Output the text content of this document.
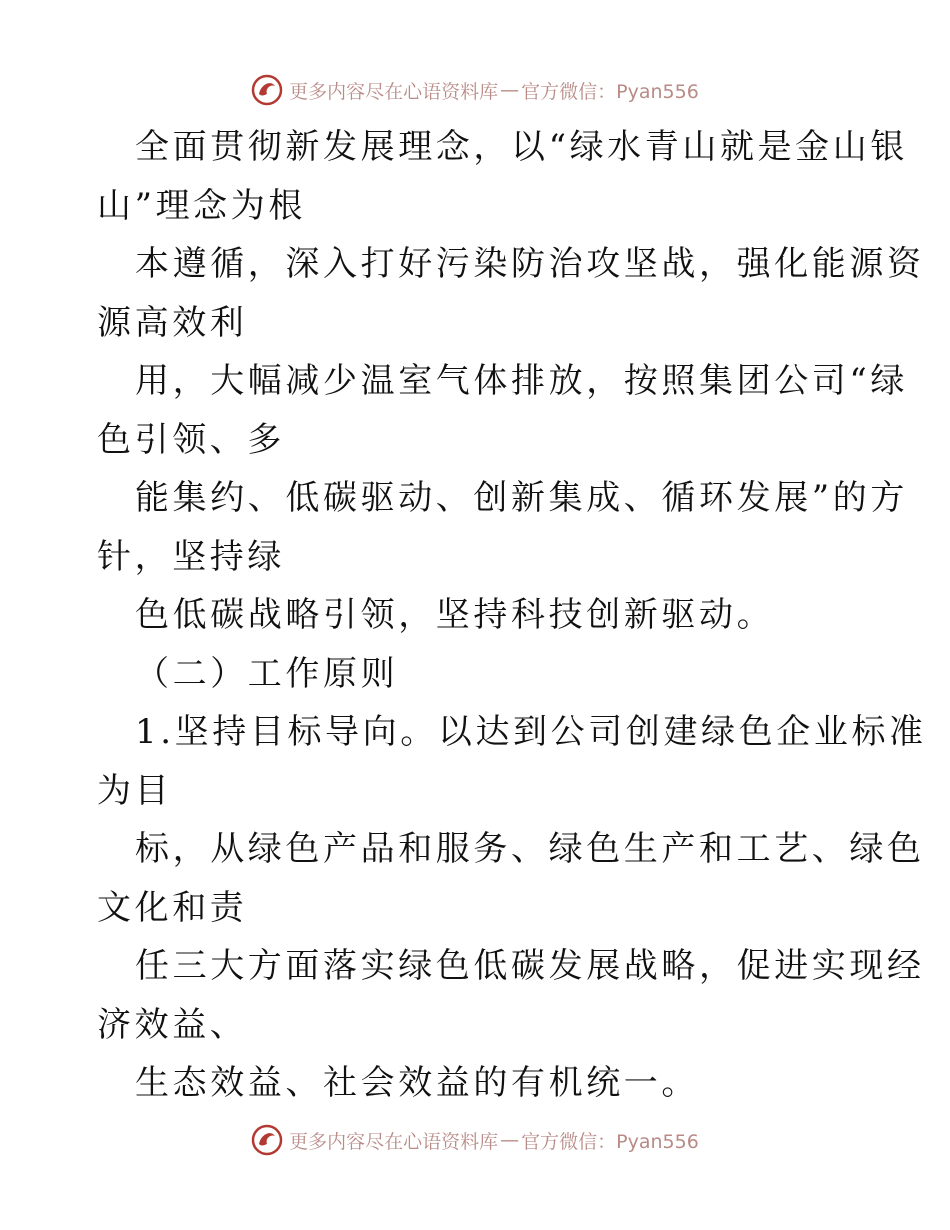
更多内容尽在心语资料库 — 官方微信：Pyan556
全面贯彻新发展理念，以“绿水青山就是金山银
山”理念为根
本遵循，深入打好污染防治攻坚战，强化能源资
源高效利
用，大幅减少温室气体排放，按照集团公司“绿
色引领、多
能集约、低碳驱动、创新集成、循环发展”的方
针，坚持绿
色低碳战略引领，坚持科技创新驱动。
（二）工作原则
1.坚持目标导向。以达到公司创建绿色企业标准
为目
标，从绿色产品和服务、绿色生产和工艺、绿色
文化和责
任三大方面落实绿色低碳发展战略，促进实现经
济效益、
生态效益、社会效益的有机统一。
更多内容尽在心语资料库 — 官方微信：Pyan556
